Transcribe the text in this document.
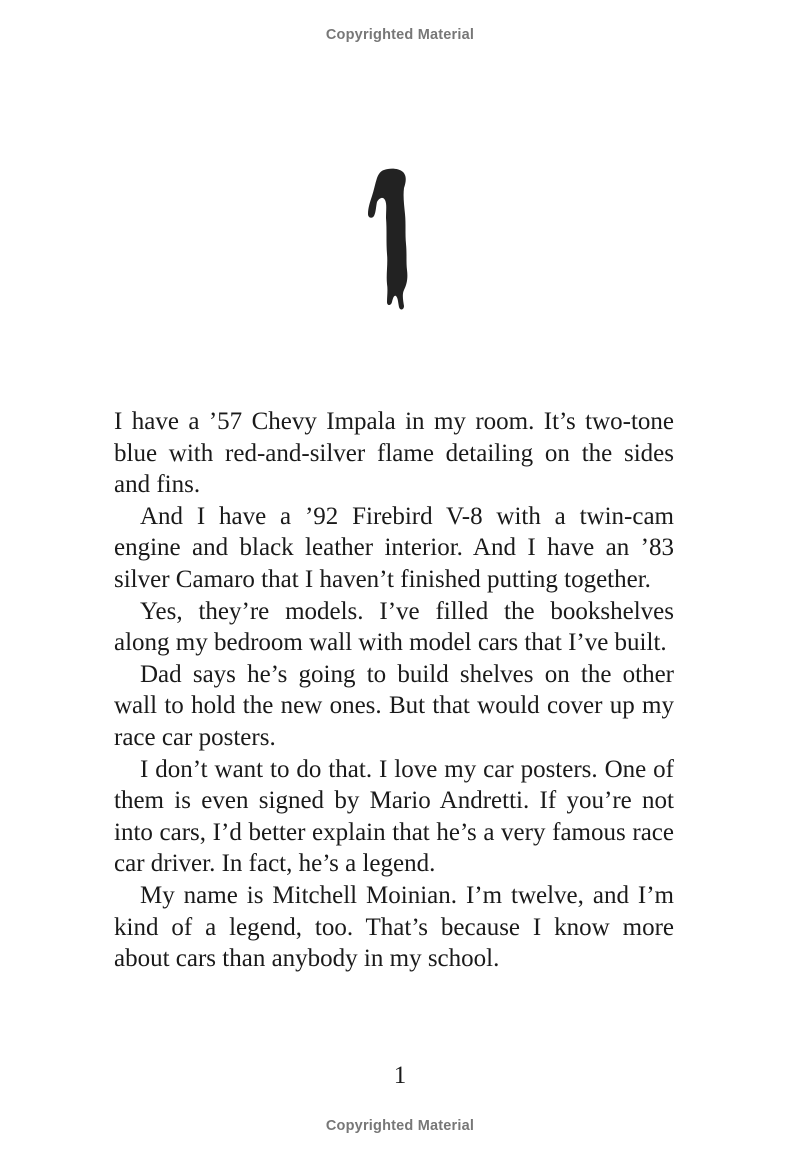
Copyrighted Material

I have a ’57 Chevy Impala in my room. It’s two-tone blue with red-and-silver flame detailing on the sides and fins.

And I have a ’92 Firebird V-8 with a twin-cam engine and black leather interior. And I have an ’83 silver Camaro that I haven’t finished putting together.

Yes, they’re models. I’ve filled the bookshelves along my bedroom wall with model cars that I’ve built.

Dad says he’s going to build shelves on the other wall to hold the new ones. But that would cover up my race car posters.

I don’t want to do that. I love my car posters. One of them is even signed by Mario Andretti. If you’re not into cars, I’d better explain that he’s a very famous race car driver. In fact, he’s a legend.

My name is Mitchell Moinian. I’m twelve, and I’m kind of a legend, too. That’s because I know more about cars than anybody in my school.

1
Copyrighted Material
